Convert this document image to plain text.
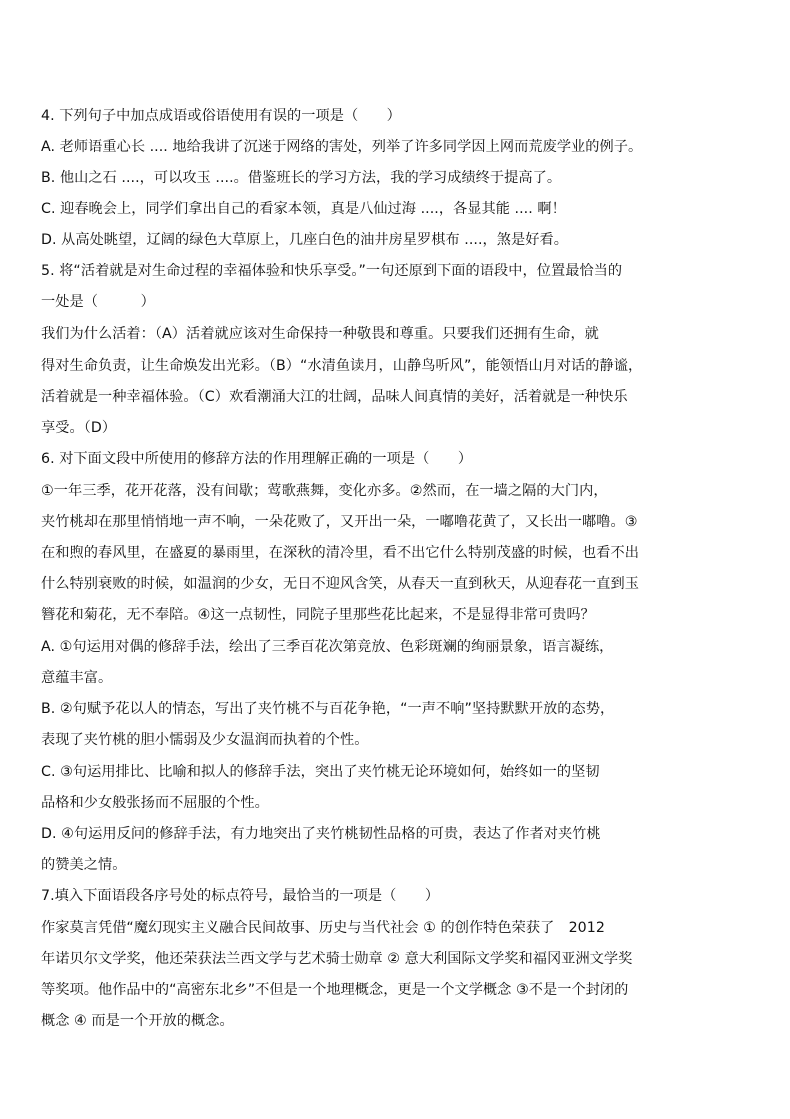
4. 下列句子中加点成语或俗语使用有误的一项是（　　）
A. 老师语重心长 .... 地给我讲了沉迷于网络的害处，列举了许多同学因上网而荒废学业的例子。
B. 他山之石 ....，可以攻玉 ....。借鉴班长的学习方法，我的学习成绩终于提高了。
C. 迎春晚会上，同学们拿出自己的看家本领，真是八仙过海 ....，各显其能 .... 啊！
D. 从高处眺望，辽阔的绿色大草原上，几座白色的油井房星罗棋布 ....，煞是好看。
5. 将“活着就是对生命过程的幸福体验和快乐享受。”一句还原到下面的语段中，位置最恰当的
一处是（　　　）
我们为什么活着：（A）活着就应该对生命保持一种敬畏和尊重。只要我们还拥有生命，就
得对生命负责，让生命焕发出光彩。（B）“水清鱼读月，山静鸟听风”，能领悟山月对话的静谧，
活着就是一种幸福体验。（C）欢看潮涌大江的壮阔，品味人间真情的美好，活着就是一种快乐
享受。（D）
6. 对下面文段中所使用的修辞方法的作用理解正确的一项是（　　）
①一年三季，花开花落，没有间歇；莺歌燕舞，变化亦多。②然而，在一墙之隔的大门内，
夹竹桃却在那里悄悄地一声不响，一朵花败了，又开出一朵，一嘟噜花黄了，又长出一嘟噜。③
在和煦的春风里，在盛夏的暴雨里，在深秋的清冷里，看不出它什么特别茂盛的时候，也看不出
什么特别衰败的时候，如温润的少女，无日不迎风含笑，从春天一直到秋天，从迎春花一直到玉
簪花和菊花，无不奉陪。④这一点韧性，同院子里那些花比起来，不是显得非常可贵吗？
A. ①句运用对偶的修辞手法，绘出了三季百花次第竞放、色彩斑斓的绚丽景象，语言凝练，
意蕴丰富。
B. ②句赋予花以人的情态，写出了夹竹桃不与百花争艳，“一声不响”坚持默默开放的态势，
表现了夹竹桃的胆小懦弱及少女温润而执着的个性。
C. ③句运用排比、比喻和拟人的修辞手法，突出了夹竹桃无论环境如何，始终如一的坚韧
品格和少女般张扬而不屈服的个性。
D. ④句运用反问的修辞手法，有力地突出了夹竹桃韧性品格的可贵，表达了作者对夹竹桃
的赞美之情。
7.填入下面语段各序号处的标点符号，最恰当的一项是（　　）
作家莫言凭借“魔幻现实主义融合民间故事、历史与当代社会 ① 的创作特色荣获了　2012
年诺贝尔文学奖，他还荣获法兰西文学与艺术骑士勋章 ② 意大利国际文学奖和福冈亚洲文学奖
等奖项。他作品中的“高密东北乡”不但是一个地理概念，更是一个文学概念 ③不是一个封闭的
概念 ④ 而是一个开放的概念。
